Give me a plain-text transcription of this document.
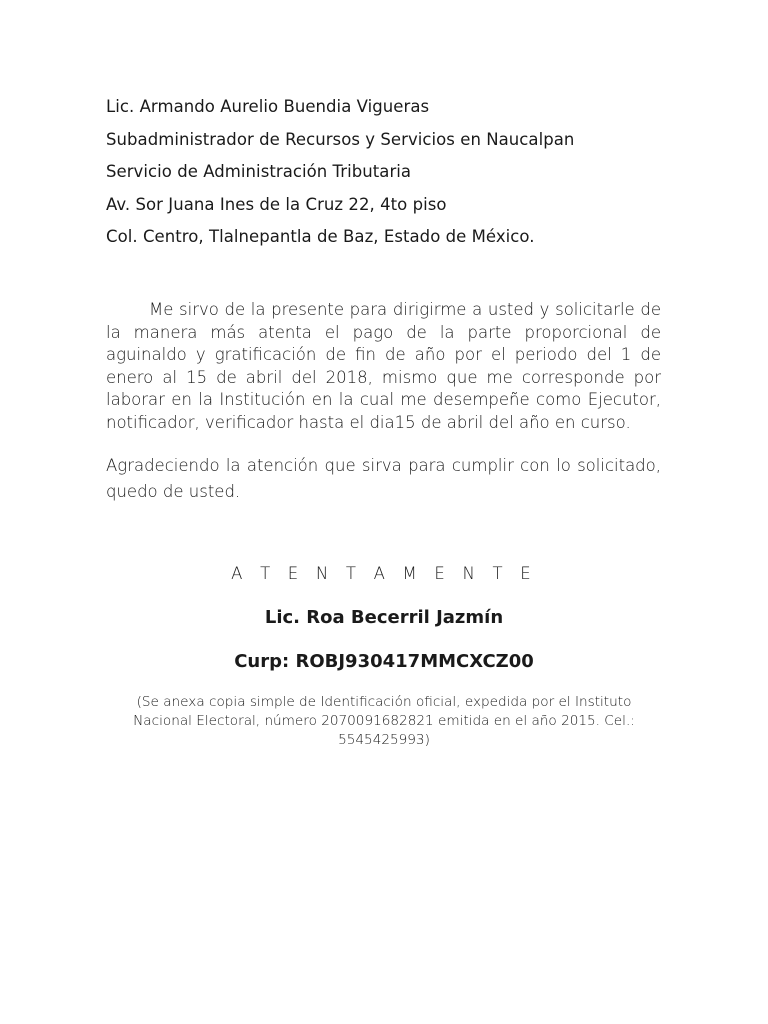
Lic. Armando Aurelio Buendia Vigueras
Subadministrador de Recursos y Servicios en Naucalpan
Servicio de Administración Tributaria
Av. Sor Juana Ines de la Cruz 22, 4to piso
Col. Centro, Tlalnepantla de Baz, Estado de México.

Me sirvo de la presente para dirigirme a usted y solicitarle de la manera más atenta el pago de la parte proporcional de aguinaldo y gratificación de fin de año por el periodo del 1 de enero al 15 de abril del 2018, mismo que me corresponde por laborar en la Institución en la cual me desempeñe como Ejecutor, notificador, verificador hasta el dia15 de abril del año en curso.

Agradeciendo la atención que sirva para cumplir con lo solicitado, quedo de usted.

A T E N T A M E N T E
Lic. Roa Becerril Jazmín
Curp: ROBJ930417MMCXCZ00
(Se anexa copia simple de Identificación oficial, expedida por el Instituto Nacional Electoral, número 2070091682821 emitida en el año 2015. Cel.: 5545425993)
